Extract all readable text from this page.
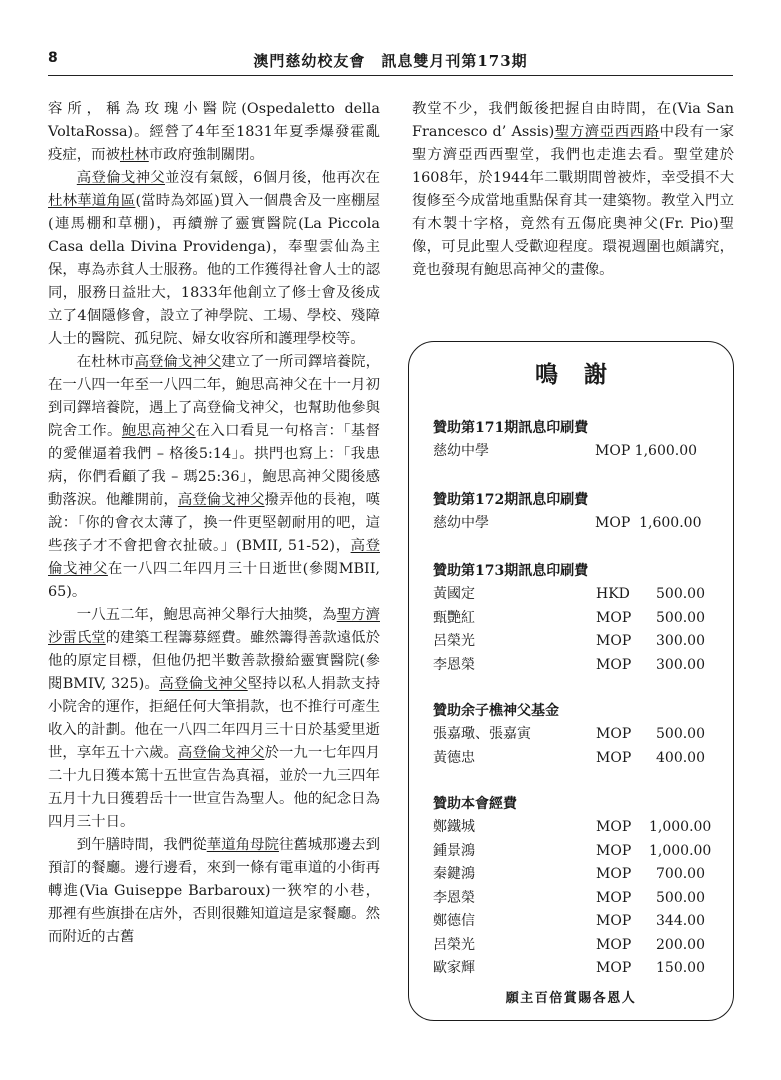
8	澳門慈幼校友會　訊息雙月刊第173期

容所，稱為玫瑰小醫院(Ospedaletto della VoltaRossa)。經營了4年至1831年夏季爆發霍亂疫症，而被杜林市政府強制關閉。

高登倫戈神父並沒有氣餒，6個月後，他再次在杜林華道角區(當時為郊區)買入一個農舍及一座棚屋(連馬棚和草棚)，再續辦了靈實醫院(La Piccola Casa della Divina Providenga)，奉聖雲仙為主保，專為赤貧人士服務。他的工作獲得社會人士的認同，服務日益壯大，1833年他創立了修士會及後成立了4個隱修會，設立了神學院、工場、學校、殘障人士的醫院、孤兒院、婦女收容所和護理學校等。

在杜林市高登倫戈神父建立了一所司鐸培養院，在一八四一年至一八四二年，鮑思高神父在十一月初到司鐸培養院，遇上了高登倫戈神父，也幫助他參與院舍工作。鮑思高神父在入口看見一句格言：「基督的愛催逼着我們 – 格後5:14」。拱門也寫上：「我患病，你們看顧了我 – 瑪25:36」，鮑思高神父閱後感動落淚。他離開前，高登倫戈神父撥弄他的長袍，嘆說：「你的會衣太薄了，換一件更堅韌耐用的吧，這些孩子才不會把會衣扯破。」(BMII, 51-52)，高登倫戈神父在一八四二年四月三十日逝世(參閱MBII, 65)。

一八五二年，鮑思高神父舉行大抽獎，為聖方濟沙雷氏堂的建築工程籌募經費。雖然籌得善款遠低於他的原定目標，但他仍把半數善款撥給靈實醫院(參閱BMIV, 325)。高登倫戈神父堅持以私人捐款支持小院舍的運作，拒絕任何大筆捐款，也不推行可產生收入的計劃。他在一八四二年四月三十日於基愛里逝世，享年五十六歲。高登倫戈神父於一九一七年四月二十九日獲本篤十五世宣告為真福，並於一九三四年五月十九日獲碧岳十一世宣告為聖人。他的紀念日為四月三十日。

到午膳時間，我們從華道角母院往舊城那邊去到預訂的餐廳。邊行邊看，來到一條有電車道的小街再轉進(Via Guiseppe Barbaroux)一狹窄的小巷，那裡有些旗掛在店外，否則很難知道這是家餐廳。然而附近的古舊

教堂不少，我們飯後把握自由時間，在(Via San Francesco d’ Assis)聖方濟亞西西路中段有一家聖方濟亞西西聖堂，我們也走進去看。聖堂建於1608年，於1944年二戰期間曾被炸，幸受損不大復修至今成當地重點保育其一建築物。教堂入門立有木製十字格，竟然有五傷庇奧神父(Fr. Pio)聖像，可見此聖人受歡迎程度。環視週圍也頗講究，竟也發現有鮑思高神父的畫像。

鳴謝
贊助第171期訊息印刷費
慈幼中學	MOP 1,600.00
贊助第172期訊息印刷費
慈幼中學	MOP  1,600.00
贊助第173期訊息印刷費
黃國定	HKD	500.00
甄艷紅	MOP	500.00
呂榮光	MOP	300.00
李恩榮	MOP	300.00
贊助余子樵神父基金
張嘉璥、張嘉寅	MOP	500.00
黃德忠	MOP	400.00
贊助本會經費
鄭鐵城	MOP 1,000.00
鍾景鴻	MOP 1,000.00
秦鍵鴻	MOP	700.00
李恩榮	MOP	500.00
鄭德信	MOP	344.00
呂榮光	MOP	200.00
歐家輝	MOP	150.00
願主百倍賞賜各恩人
